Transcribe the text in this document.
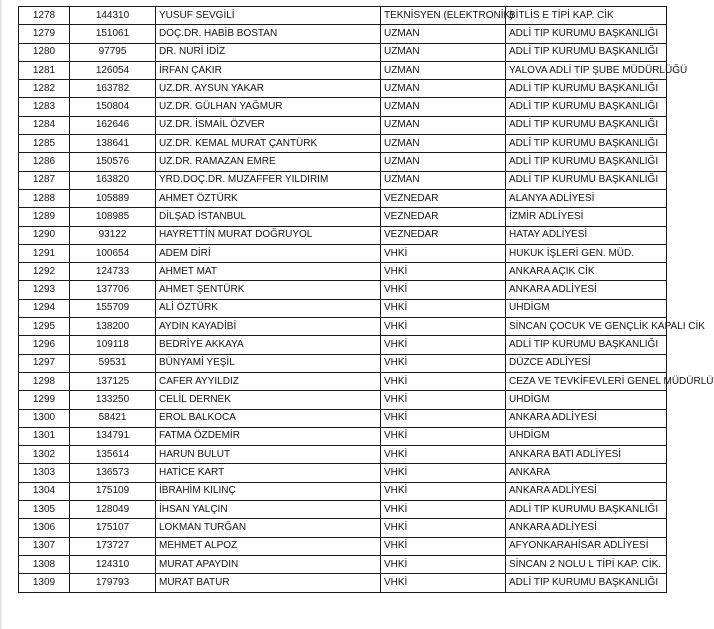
1278	144310	YUSUF SEVGİLİ	TEKNİSYEN (ELEKTRONİK)	BİTLİS E TİPİ KAP. CİK
1279	151061	DOÇ.DR. HABİB BOSTAN	UZMAN	ADLİ TIP KURUMU BAŞKANLIĞI
1280	97795	DR. NURİ İDİZ	UZMAN	ADLİ TIP KURUMU BAŞKANLIĞI
1281	126054	İRFAN ÇAKIR	UZMAN	YALOVA ADLİ TIP ŞUBE MÜDÜRLÜĞÜ
1282	163782	UZ.DR. AYSUN YAKAR	UZMAN	ADLİ TIP KURUMU BAŞKANLIĞI
1283	150804	UZ.DR. GÜLHAN YAĞMUR	UZMAN	ADLİ TIP KURUMU BAŞKANLIĞI
1284	162646	UZ.DR. İSMAİL ÖZVER	UZMAN	ADLİ TIP KURUMU BAŞKANLIĞI
1285	138641	UZ.DR. KEMAL MURAT ÇANTÜRK	UZMAN	ADLİ TIP KURUMU BAŞKANLIĞI
1286	150576	UZ.DR. RAMAZAN EMRE	UZMAN	ADLİ TIP KURUMU BAŞKANLIĞI
1287	163820	YRD.DOÇ.DR. MUZAFFER YILDIRIM	UZMAN	ADLİ TIP KURUMU BAŞKANLIĞI
1288	105889	AHMET ÖZTÜRK	VEZNEDAR	ALANYA ADLİYESİ
1289	108985	DİLŞAD İSTANBUL	VEZNEDAR	İZMİR ADLİYESİ
1290	93122	HAYRETTİN MURAT DOĞRUYOL	VEZNEDAR	HATAY ADLİYESİ
1291	100654	ADEM DİRİ	VHKİ	HUKUK İŞLERİ GEN. MÜD.
1292	124733	AHMET MAT	VHKİ	ANKARA AÇIK CİK
1293	137706	AHMET ŞENTÜRK	VHKİ	ANKARA ADLİYESİ
1294	155709	ALİ ÖZTÜRK	VHKİ	UHDİGM
1295	138200	AYDIN KAYADİBİ	VHKİ	SİNCAN ÇOCUK VE GENÇLİK KAPALI CİK
1296	109118	BEDRİYE AKKAYA	VHKİ	ADLİ TIP KURUMU BAŞKANLIĞI
1297	59531	BÜNYAMİ YEŞİL	VHKİ	DÜZCE ADLİYESİ
1298	137125	CAFER AYYILDIZ	VHKİ	CEZA VE TEVKİFEVLERİ GENEL MÜDÜRLÜ
1299	133250	CELİL DERNEK	VHKİ	UHDİGM
1300	58421	EROL BALKOCA	VHKİ	ANKARA ADLİYESİ
1301	134791	FATMA ÖZDEMİR	VHKİ	UHDİGM
1302	135614	HARUN BULUT	VHKİ	ANKARA BATI ADLİYESİ
1303	136573	HATİCE KART	VHKİ	ANKARA
1304	175109	İBRAHİM KILINÇ	VHKİ	ANKARA ADLİYESİ
1305	128049	İHSAN YALÇIN	VHKİ	ADLİ TIP KURUMU BAŞKANLIĞI
1306	175107	LOKMAN TURĞAN	VHKİ	ANKARA ADLİYESİ
1307	173727	MEHMET ALPOZ	VHKİ	AFYONKARAHİSAR ADLİYESİ
1308	124310	MURAT APAYDIN	VHKİ	SİNCAN 2 NOLU L TİPİ KAP. CİK.
1309	179793	MURAT BATUR	VHKİ	ADLİ TIP KURUMU BAŞKANLIĞI
